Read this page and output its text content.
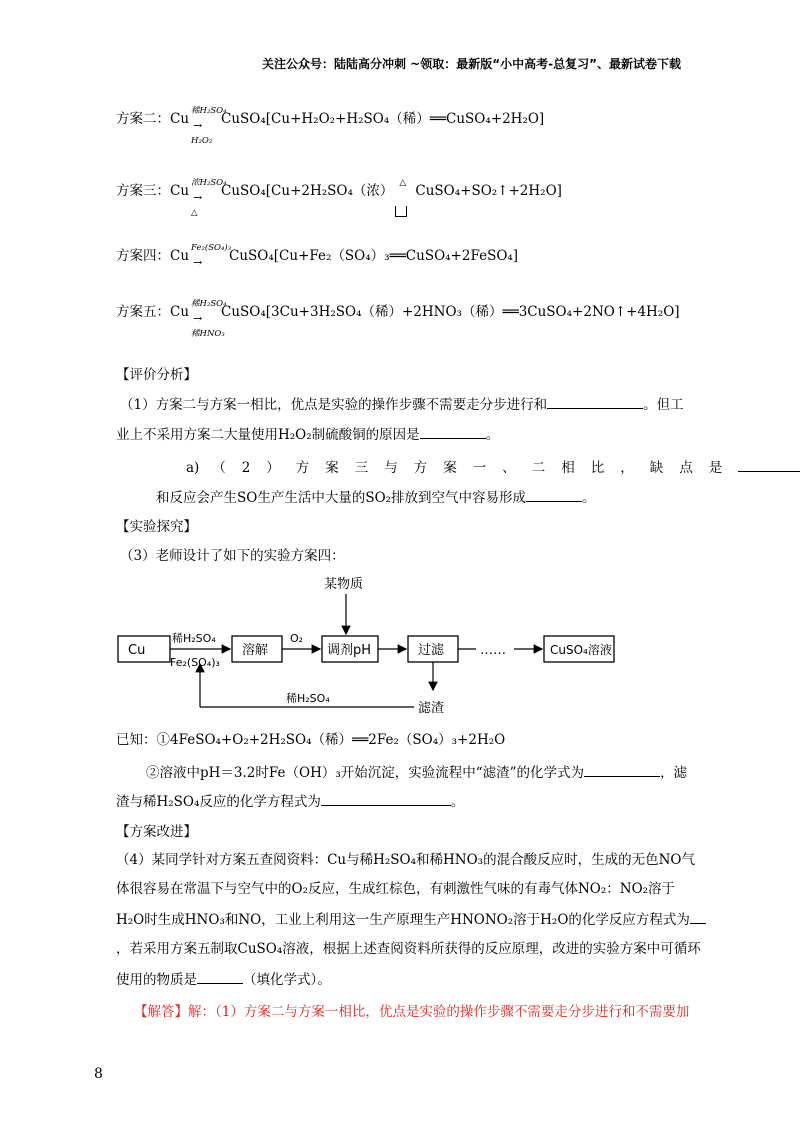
关注公众号：陆陆高分冲刺 ~领取：最新版“小中高考-总复习”、最新试卷下载
方案二：Cu 稀H₂SO₄
→
H₂O₂
CuSO₄[Cu+H₂O₂+H₂SO₄（稀）══CuSO₄+2H₂O]
方案三：Cu 浓H₂SO₄
→
△
CuSO₄[Cu+2H₂SO₄（浓） △ CuSO₄+SO₂↑+2H₂O]
方案四：Cu Fe₂(SO₄)₃
→ CuSO₄[Cu+Fe₂（SO₄）₃══CuSO₄+2FeSO₄]
方案五：Cu 稀H₂SO₄
→
稀HNO₃
CuSO₄[3Cu+3H₂SO₄（稀）+2HNO₃（稀）══3CuSO₄+2NO↑+4H₂O]
【评价分析】
（1）方案二与方案一相比，优点是实验的操作步骤不需要走分步进行和	。但工
业上不采用方案二大量使用H₂O₂制硫酸铜的原因是	。
a) （2）方案三与方案一、二相比，缺点是
和反应会产生SO生产生活中大量的SO₂排放到空气中容易形成	。
【实验探究】
（3）老师设计了如下的实验方案四：
Cu	溶解	调剂pH	过滤	……	CuSO₄溶液
稀H₂SO₄
Fe₂(SO₄)₃
O₂
某物质
滤渣
稀H₂SO₄
已知：①4FeSO₄+O₂+2H₂SO₄（稀）══2Fe₂（SO₄）₃+2H₂O
②溶液中pH＝3.2时Fe（OH）₃开始沉淀，实验流程中“滤渣”的化学式为	，滤
渣与稀H₂SO₄反应的化学方程式为	。
【方案改进】
（4）某同学针对方案五查阅资料：Cu与稀H₂SO₄和稀HNO₃的混合酸反应时，生成的无色NO气
体很容易在常温下与空气中的O₂反应，生成红棕色，有刺激性气味的有毒气体NO₂：NO₂溶于
H₂O时生成HNO₃和NO，工业上利用这一生产原理生产HNONO₂溶于H₂O的化学反应方程式为
，若采用方案五制取CuSO₄溶液，根据上述查阅资料所获得的反应原理，改进的实验方案中可循环
使用的物质是	（填化学式）。
【解答】解：（1）方案二与方案一相比，优点是实验的操作步骤不需要走分步进行和不需要加
8
